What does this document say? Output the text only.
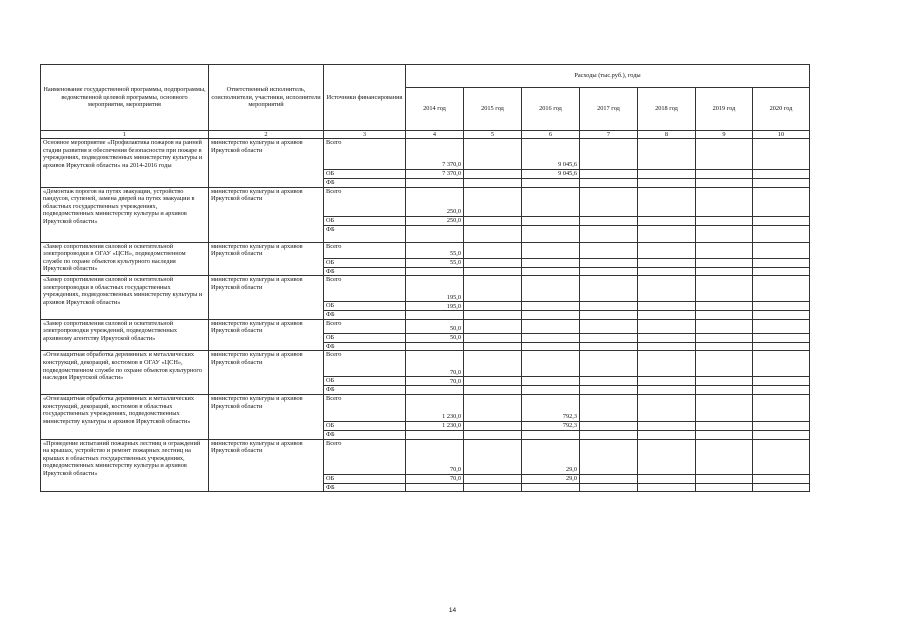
Наименование государственной программы, подпрограммы, ведомственной целевой программы, основного мероприятия, мероприятия	Ответственный исполнитель, соисполнители, участники, исполнители мероприятий	Источники финансирования	Расходы (тыс.руб.), годы						
			2014 год	2015 год	2016 год	2017 год	2018 год	2019 год	2020 год
1	2	3	4	5	6	7	8	9	10
Основное мероприятие «Профилактика пожаров на ранней стадии развития и обеспечения безопасности при пожаре в учреждениях, подведомственных министерству культуры и архивов Иркутской области» на 2014-2016 годы	министерство культуры и архивов Иркутской области	Всего	7 370,0		9 045,6				
		ОБ	7 370,0		9 045,6				
		ФБ							
«Демонтаж порогов на путях эвакуации, устройство пандусов, ступеней, замена дверей на путях эвакуации в областных государственных учреждениях, подведомственных министерству культуры и архивов Иркутской области»	министерство культуры и архивов Иркутской области	Всего	250,0						
		ОБ	250,0						
		ФБ							
«Замер сопротивления силовой и осветительной электропроводки в ОГАУ «ЦСН», подведомственном службе по охране объектов культурного наследия Иркутской области»	министерство культуры и архивов Иркутской области	Всего	55,0						
		ОБ	55,0						
		ФБ							
«Замер сопротивления силовой и осветительной электропроводки в областных государственных учреждениях, подведомственных министерству культуры и архивов Иркутской области»	министерство культуры и архивов Иркутской области	Всего	195,0						
		ОБ	195,0						
		ФБ							
«Замер сопротивления силовой и осветительной электропроводки учреждений, подведомственных архивному агентству Иркутской области»	министерство культуры и архивов Иркутской области	Всего	50,0						
		ОБ	50,0						
		ФБ							
«Огнезащитная обработка деревянных и металлических конструкций, декораций, костюмов в ОГАУ «ЦСН», подведомственном службе по охране объектов культурного наследия Иркутской области»	министерство культуры и архивов Иркутской области	Всего	70,0						
		ОБ	70,0						
		ФБ							
«Огнезащитная обработка деревянных и металлических конструкций, декораций, костюмов в областных государственных учреждениях, подведомственных министерству культуры и архивов Иркутской области»	министерство культуры и архивов Иркутской области	Всего	1 230,0		792,3				
		ОБ	1 230,0		792,3				
		ФБ							
«Проведение испытаний пожарных лестниц и ограждений на крышах, устройство и ремонт пожарных лестниц на крышах в областных государственных учреждениях, подведомственных министерству культуры и архивов Иркутской области»	министерство культуры и архивов Иркутской области	Всего	70,0		29,0				
		ОБ	70,0		29,0				
		ФБ							
14
